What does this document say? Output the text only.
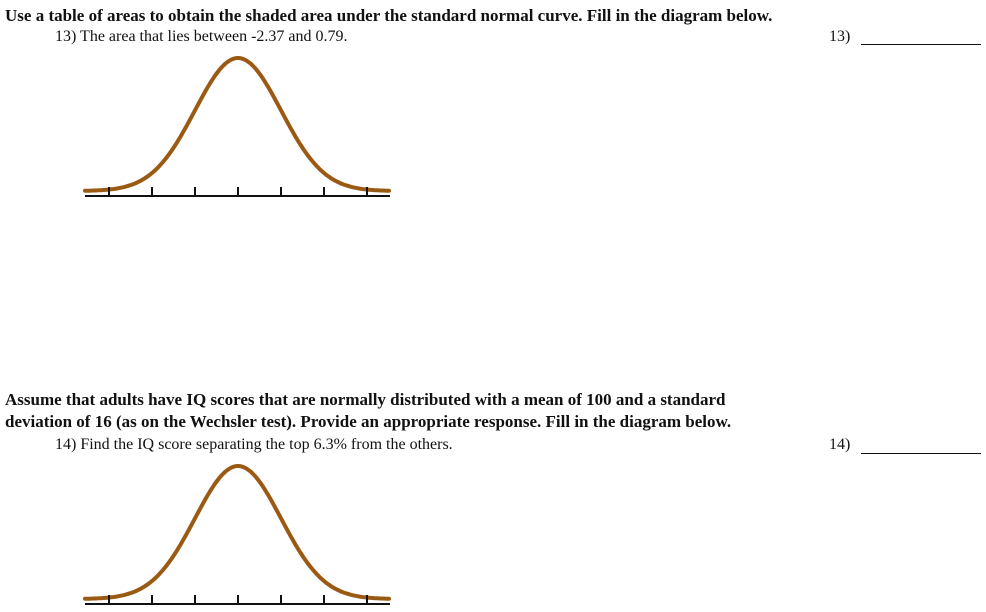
Use a table of areas to obtain the shaded area under the standard normal curve. Fill in the diagram below.
13) The area that lies between -2.37 and 0.79.	13)
Assume that adults have IQ scores that are normally distributed with a mean of 100 and a standard
deviation of 16 (as on the Wechsler test). Provide an appropriate response. Fill in the diagram below.
14) Find the IQ score separating the top 6.3% from the others.	14)
